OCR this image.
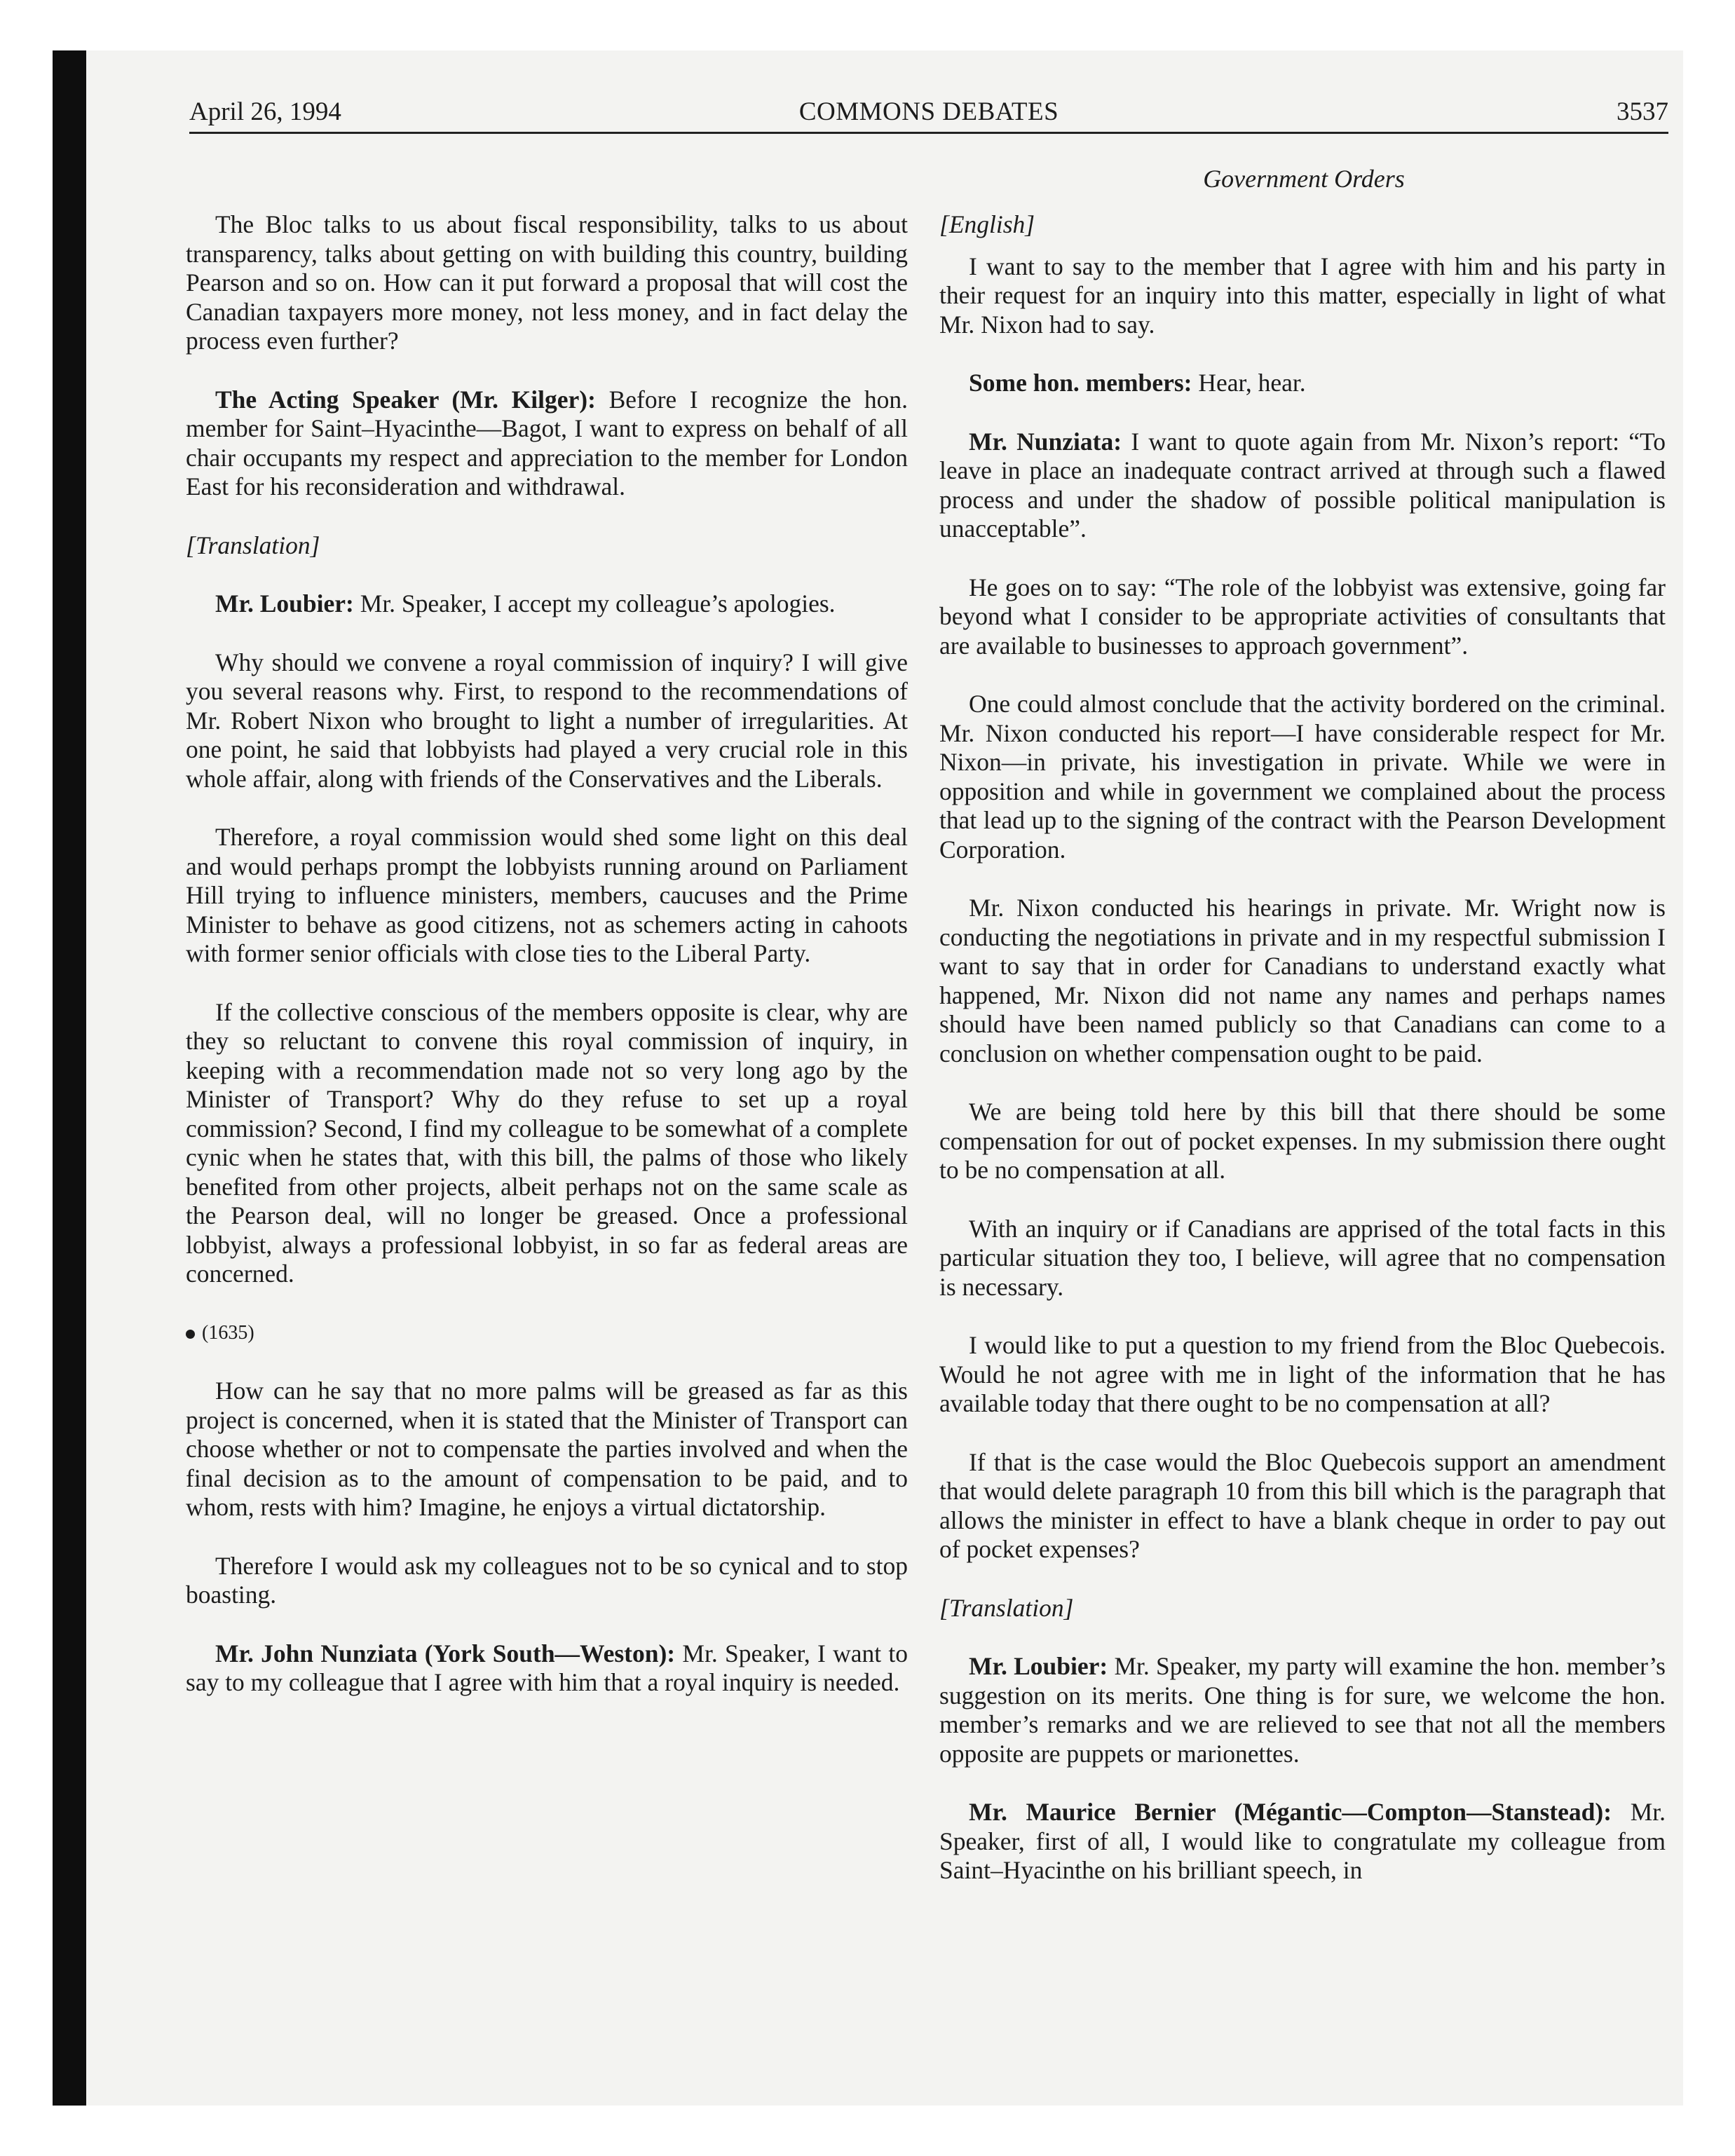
April 26, 1994	COMMONS DEBATES	3537
Government Orders

The Bloc talks to us about fiscal responsibility, talks to us about transparency, talks about getting on with building this country, building Pearson and so on. How can it put forward a proposal that will cost the Canadian taxpayers more money, not less money, and in fact delay the process even further?

The Acting Speaker (Mr. Kilger): Before I recognize the hon. member for Saint–Hyacinthe—Bagot, I want to express on behalf of all chair occupants my respect and appreciation to the member for London East for his reconsideration and withdrawal.

[Translation]

Mr. Loubier: Mr. Speaker, I accept my colleague’s apologies.

Why should we convene a royal commission of inquiry? I will give you several reasons why. First, to respond to the recommendations of Mr. Robert Nixon who brought to light a number of irregularities. At one point, he said that lobbyists had played a very crucial role in this whole affair, along with friends of the Conservatives and the Liberals.

Therefore, a royal commission would shed some light on this deal and would perhaps prompt the lobbyists running around on Parliament Hill trying to influence ministers, members, caucuses and the Prime Minister to behave as good citizens, not as schemers acting in cahoots with former senior officials with close ties to the Liberal Party.

If the collective conscious of the members opposite is clear, why are they so reluctant to convene this royal commission of inquiry, in keeping with a recommendation made not so very long ago by the Minister of Transport? Why do they refuse to set up a royal commission? Second, I find my colleague to be somewhat of a complete cynic when he states that, with this bill, the palms of those who likely benefited from other projects, albeit perhaps not on the same scale as the Pearson deal, will no longer be greased. Once a professional lobbyist, always a professional lobbyist, in so far as federal areas are concerned.

(1635)

How can he say that no more palms will be greased as far as this project is concerned, when it is stated that the Minister of Transport can choose whether or not to compensate the parties involved and when the final decision as to the amount of compensation to be paid, and to whom, rests with him? Imagine, he enjoys a virtual dictatorship.

Therefore I would ask my colleagues not to be so cynical and to stop boasting.

Mr. John Nunziata (York South—Weston): Mr. Speaker, I want to say to my colleague that I agree with him that a royal inquiry is needed.

[English]

I want to say to the member that I agree with him and his party in their request for an inquiry into this matter, especially in light of what Mr. Nixon had to say.

Some hon. members: Hear, hear.

Mr. Nunziata: I want to quote again from Mr. Nixon’s report: “To leave in place an inadequate contract arrived at through such a flawed process and under the shadow of possible political manipulation is unacceptable”.

He goes on to say: “The role of the lobbyist was extensive, going far beyond what I consider to be appropriate activities of consultants that are available to businesses to approach government”.

One could almost conclude that the activity bordered on the criminal. Mr. Nixon conducted his report—I have considerable respect for Mr. Nixon—in private, his investigation in private. While we were in opposition and while in government we complained about the process that lead up to the signing of the contract with the Pearson Development Corporation.

Mr. Nixon conducted his hearings in private. Mr. Wright now is conducting the negotiations in private and in my respectful submission I want to say that in order for Canadians to understand exactly what happened, Mr. Nixon did not name any names and perhaps names should have been named publicly so that Canadians can come to a conclusion on whether compensation ought to be paid.

We are being told here by this bill that there should be some compensation for out of pocket expenses. In my submission there ought to be no compensation at all.

With an inquiry or if Canadians are apprised of the total facts in this particular situation they too, I believe, will agree that no compensation is necessary.

I would like to put a question to my friend from the Bloc Quebecois. Would he not agree with me in light of the information that he has available today that there ought to be no compensation at all?

If that is the case would the Bloc Quebecois support an amendment that would delete paragraph 10 from this bill which is the paragraph that allows the minister in effect to have a blank cheque in order to pay out of pocket expenses?

[Translation]

Mr. Loubier: Mr. Speaker, my party will examine the hon. member’s suggestion on its merits. One thing is for sure, we welcome the hon. member’s remarks and we are relieved to see that not all the members opposite are puppets or marionettes.

Mr. Maurice Bernier (Mégantic—Compton—Stanstead): Mr. Speaker, first of all, I would like to congratulate my colleague from Saint–Hyacinthe on his brilliant speech, in
